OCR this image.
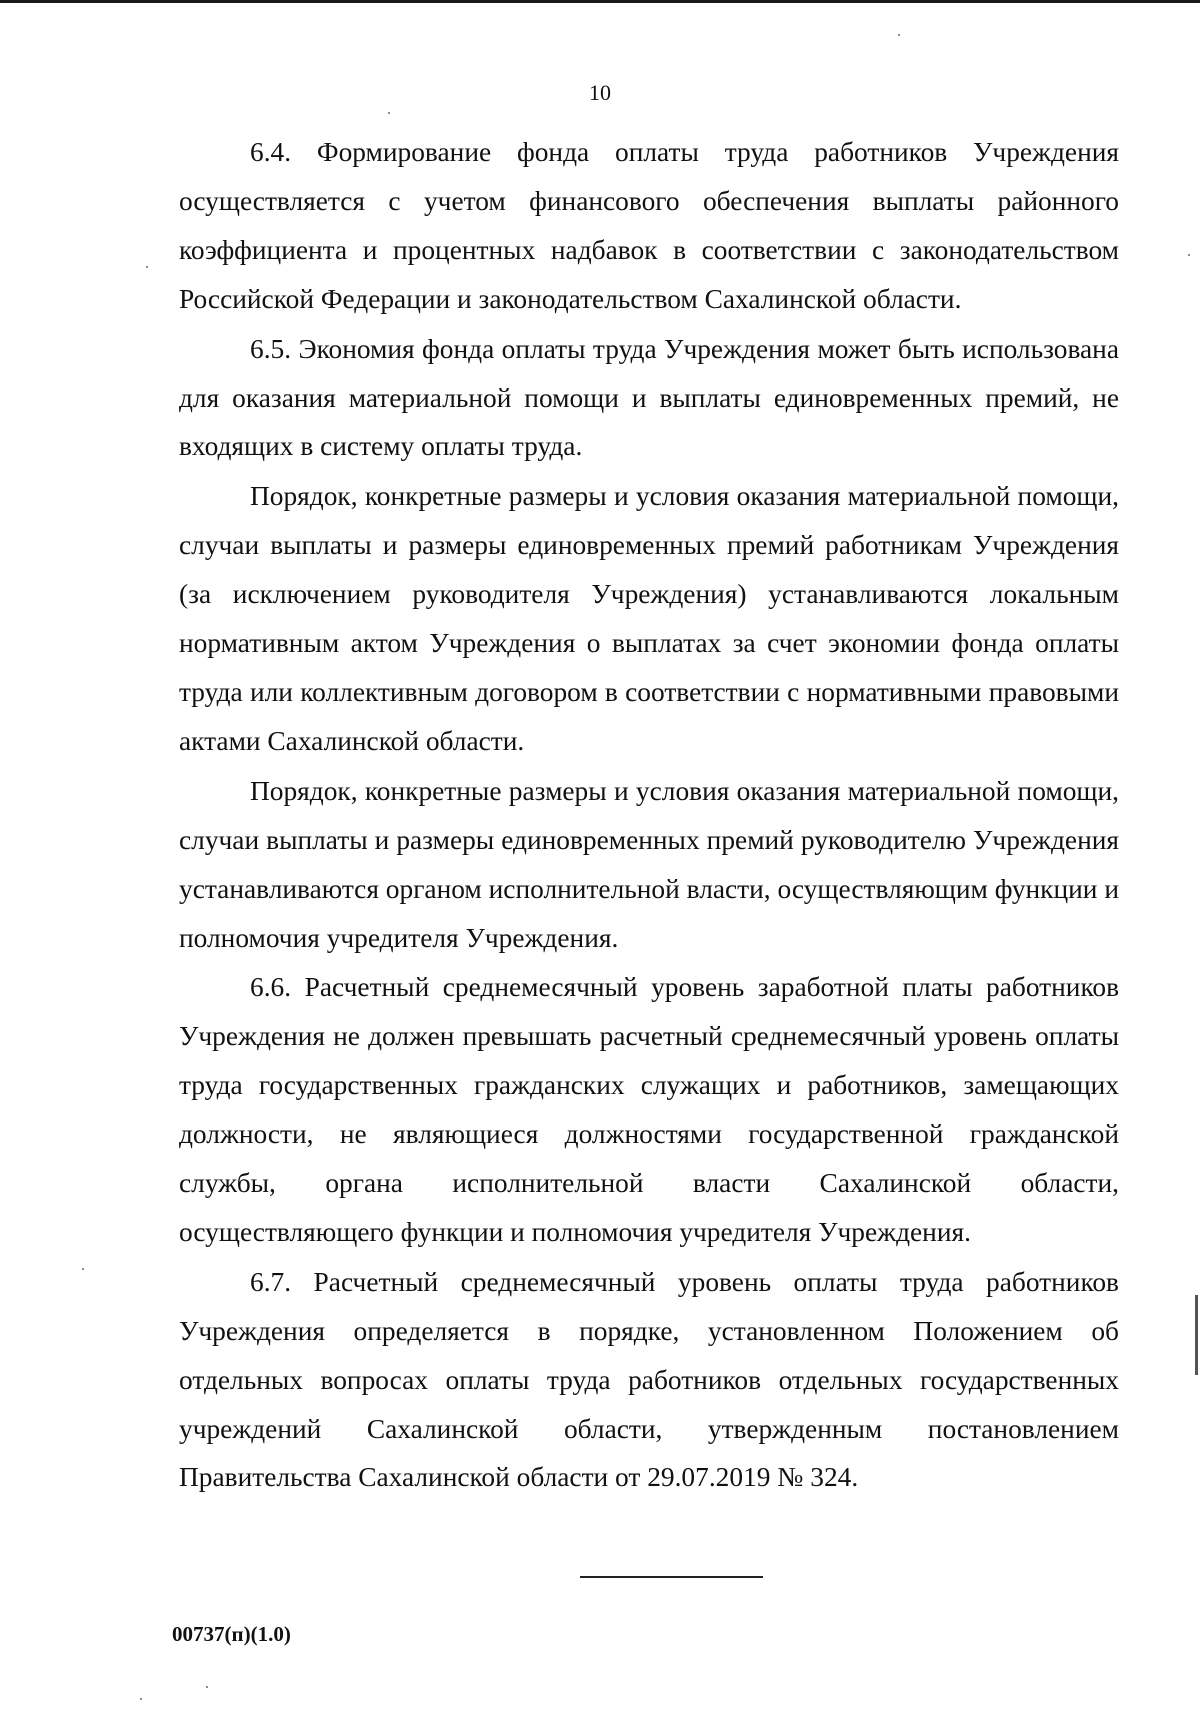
10

6.4. Формирование фонда оплаты труда работников Учреждения осуществляется с учетом финансового обеспечения выплаты районного коэффициента и процентных надбавок в соответствии с законодательством Российской Федерации и законодательством Сахалинской области.

6.5. Экономия фонда оплаты труда Учреждения может быть использована для оказания материальной помощи и выплаты единовременных премий, не входящих в систему оплаты труда.

Порядок, конкретные размеры и условия оказания материальной помощи, случаи выплаты и размеры единовременных премий работникам Учреждения (за исключением руководителя Учреждения) устанавливаются локальным нормативным актом Учреждения о выплатах за счет экономии фонда оплаты труда или коллективным договором в соответствии с нормативными правовыми актами Сахалинской области.

Порядок, конкретные размеры и условия оказания материальной помощи, случаи выплаты и размеры единовременных премий руководителю Учреждения устанавливаются органом исполнительной власти, осуществляющим функции и полномочия учредителя Учреждения.

6.6. Расчетный среднемесячный уровень заработной платы работников Учреждения не должен превышать расчетный среднемесячный уровень оплаты труда государственных гражданских служащих и работников, замещающих должности, не являющиеся должностями государственной гражданской службы, органа исполнительной власти Сахалинской области, осуществляющего функции и полномочия учредителя Учреждения.

6.7. Расчетный среднемесячный уровень оплаты труда работников Учреждения определяется в порядке, установленном Положением об отдельных вопросах оплаты труда работников отдельных государственных учреждений Сахалинской области, утвержденным постановлением Правительства Сахалинской области от 29.07.2019 № 324.

00737(п)(1.0)
